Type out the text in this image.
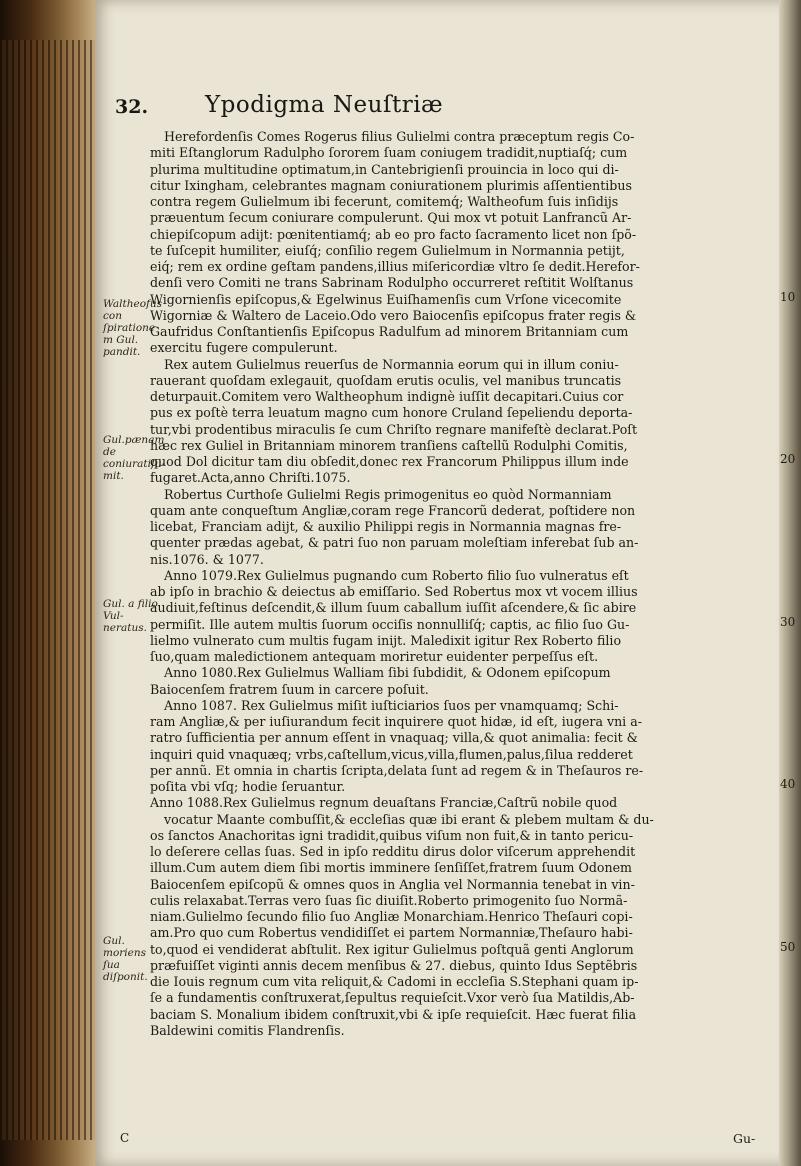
32. Ypodigma Neuſtriæ
Waltheofus con ſpiratione m Gul. pandit.
Gul.pænam de coniuratiſu- mit.
Gul. a filio Vul- neratus.
Gul. moriens ſua diſponit.
10
20
30
40
50
Herefordenſis Comes Rogerus filius Gulielmi contra præceptum regis Co-
miti Eſtanglorum Radulpho ſororem ſuam coniugem tradidit,nuptiaſq́; cum
plurima multitudine optimatum,in Cantebrigienſi prouincia in loco qui di-
citur Ixingham, celebrantes magnam coniurationem plurimis aſſentientibus
contra regem Gulielmum ibi fecerunt, comitemq́; Waltheofum ſuis inſidijs
præuentum ſecum coniurare compulerunt. Qui mox vt potuit Lanfrancũ Ar-
chiepiſcopum adijt: pœnitentiamq́; ab eo pro facto ſacramento licet non ſpõ-
te ſuſcepit humiliter, eiuſq́; conſilio regem Gulielmum in Normannia petijt,
eiq́; rem ex ordine geſtam pandens,illius miſericordiæ vltro ſe dedit.Herefor-
denſi vero Comiti ne trans Sabrinam Rodulpho occurreret reſtitit Wolſtanus
Wigornienſis epiſcopus,& Egelwinus Euiſhamenſis cum Vrſone vicecomite
Wigorniæ & Waltero de Laceio.Odo vero Baiocenſis epiſcopus frater regis &
Gaufridus Conſtantienſis Epiſcopus Radulfum ad minorem Britanniam cum
exercitu fugere compulerunt.
Rex autem Gulielmus reuerſus de Normannia eorum qui in illum coniu-
rauerant quoſdam exlegauit, quoſdam erutis oculis, vel manibus truncatis
deturpauit.Comitem vero Waltheophum indignè iuſſit decapitari.Cuius cor
pus ex poſtè terra leuatum magno cum honore Cruland ſepeliendu deporta-
tur,vbi prodentibus miraculis ſe cum Chriſto regnare manifeſtè declarat.Poſt
hæc rex Guliel in Britanniam minorem tranſiens caſtellũ Rodulphi Comitis,
quod Dol dicitur tam diu obſedit,donec rex Francorum Philippus illum inde
fugaret.Acta,anno Chriſti.1075.
Robertus Curthoſe Gulielmi Regis primogenitus eo quòd Normanniam
quam ante conqueſtum Angliæ,coram rege Francorũ dederat, poſtidere non
licebat, Franciam adijt, & auxilio Philippi regis in Normannia magnas fre-
quenter prædas agebat, & patri ſuo non paruam moleſtiam inferebat ſub an-
nis.1076. & 1077.
Anno 1079.Rex Gulielmus pugnando cum Roberto filio ſuo vulneratus eſt
ab ipſo in brachio & deiectus ab emiſſario. Sed Robertus mox vt vocem illius
audiuit,feſtinus deſcendit,& illum ſuum caballum iuſſit aſcendere,& ſic abire
permiſit. Ille autem multis ſuorum occiſis nonnulliſq́; captis, ac filio ſuo Gu-
lielmo vulnerato cum multis fugam inijt. Maledixit igitur Rex Roberto filio
ſuo,quam maledictionem antequam moriretur euidenter perpeſſus eſt.
Anno 1080.Rex Gulielmus Walliam ſibi ſubdidit, & Odonem epiſcopum
Baiocenſem fratrem ſuum in carcere poſuit.
Anno 1087. Rex Gulielmus miſit iuſticiarios ſuos per vnamquamq; Schi-
ram Angliæ,& per iuſiurandum fecit inquirere quot hidæ, id eſt, iugera vni a-
ratro ſufficientia per annum eſſent in vnaquaq; villa,& quot animalia: fecit &
inquiri quid vnaquæq; vrbs,caſtellum,vicus,villa,flumen,palus,ſilua redderet
per annũ. Et omnia in chartis ſcripta,delata ſunt ad regem & in Theſauros re-
poſita vbi vſq; hodie ſeruantur.
Anno 1088.Rex Gulielmus regnum deuaſtans Franciæ,Caſtrũ nobile quod
vocatur Maante combuſſit,& eccleſias quæ ibi erant & plebem multam & du-
os ſanctos Anachoritas igni tradidit,quibus viſum non fuit,& in tanto pericu-
lo deſerere cellas ſuas. Sed in ipſo redditu dirus dolor viſcerum apprehendit
illum.Cum autem diem ſibi mortis imminere ſenſiſſet,fratrem ſuum Odonem
Baiocenſem epiſcopũ & omnes quos in Anglia vel Normannia tenebat in vin-
culis relaxabat.Terras vero ſuas ſic diuiſit.Roberto primogenito ſuo Normã-
niam.Gulielmo ſecundo filio ſuo Angliæ Monarchiam.Henrico Theſauri copi-
am.Pro quo cum Robertus vendidiſſet ei partem Normanniæ,Theſauro habi-
to,quod ei vendiderat abſtulit. Rex igitur Gulielmus poſtquã genti Anglorum
præfuiſſet viginti annis decem menſibus & 27. diebus, quinto Idus Septẽbris
die Iouis regnum cum vita reliquit,& Cadomi in eccleſia S.Stephani quam ip-
ſe a fundamentis conſtruxerat,ſepultus requieſcit.Vxor verò ſua Matildis,Ab-
baciam S. Monalium ibidem conſtruxit,vbi & ipſe requieſcit. Hæc fuerat filia
Baldewini comitis Flandrenſis.
C	Gu-
